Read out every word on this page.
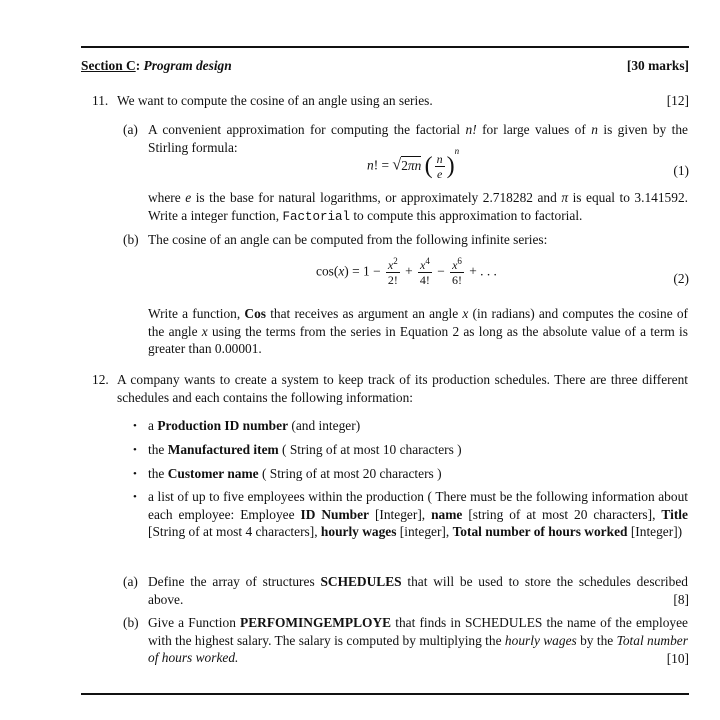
Section C: Program design	[30 marks]
11. We want to compute the cosine of an angle using an series.	[12]
(a) A convenient approximation for computing the factorial n! for large values of n is given by the Stirling formula:
n! = √2πn ( $\frac{n}{e} )^n$
(1)
where e is the base for natural logarithms, or approximately 2.718282 and π is equal to 3.141592. Write a integer function, Factorial to compute this approximation to factorial.
(b) The cosine of an angle can be computed from the following infinite series:
$\cos(x) = 1 - \frac{x^2}{2!} + \frac{x^4}{4!} - \frac{x^6}{6!}$ + . . .	(2)
Write a function, Cos that receives as argument an angle x (in radians) and computes the cosine of the angle x using the terms from the series in Equation 2 as long as the absolute value of a term is greater than 0.00001.
12. A company wants to create a system to keep track of its production schedules. There are three different schedules and each contains the following information:
• a Production ID number (and integer)
• the Manufactured item ( String of at most 10 characters )
• the Customer name ( String of at most 20 characters )
• a list of up to five employees within the production ( There must be the following information about each employee: Employee ID Number [Integer], name [string of at most 20 characters], Title [String of at most 4 characters], hourly wages [integer], Total number of hours worked [Integer])
(a) Define the array of structures SCHEDULES that will be used to store the schedules described above.	[8]
(b) Give a Function PERFOMINGEMPLOYE that finds in SCHEDULES the name of the employee with the highest salary. The salary is computed by multiplying the hourly wages by the Total number of hours worked.	[10]
